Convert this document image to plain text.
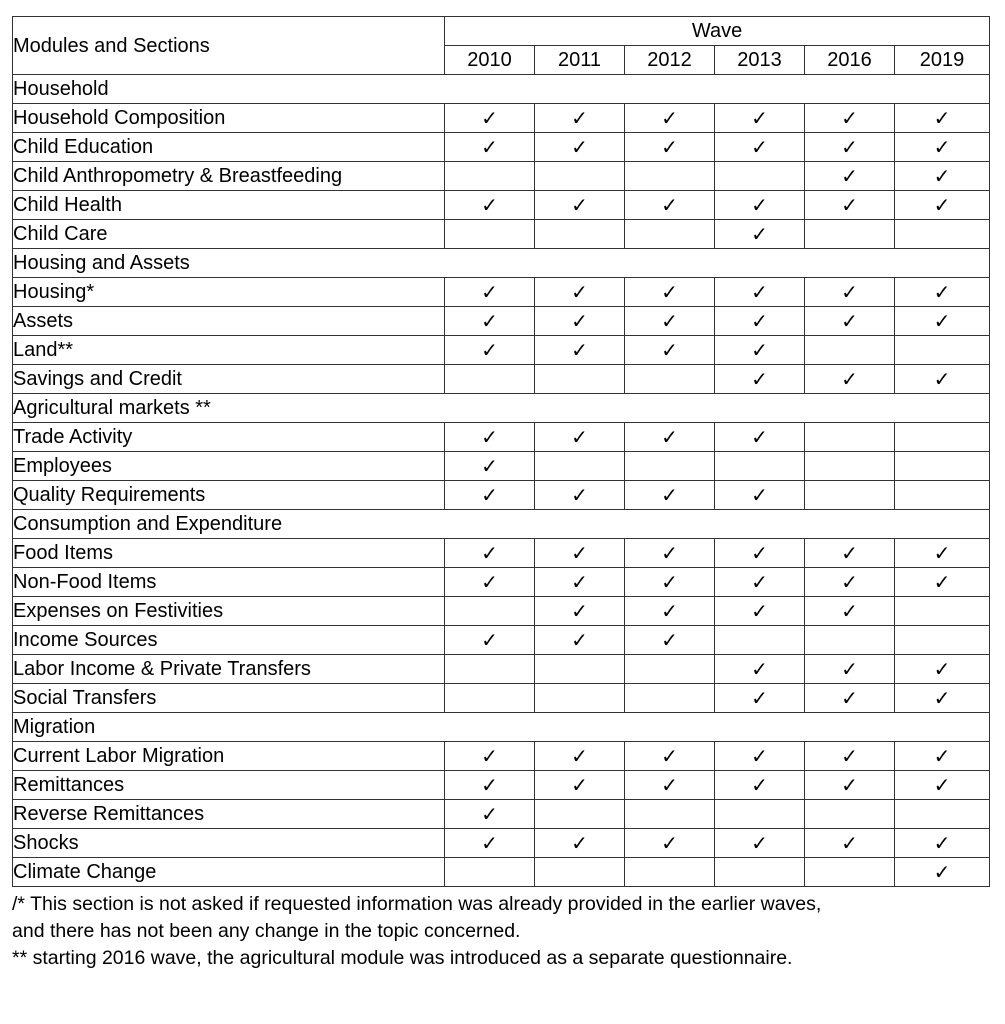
Modules and Sections	Wave					
	2010	2011	2012	2013	2016	2019
Household						
Household Composition	✓	✓	✓	✓	✓	✓
Child Education	✓	✓	✓	✓	✓	✓
Child Anthropometry & Breastfeeding					✓	✓
Child Health	✓	✓	✓	✓	✓	✓
Child Care				✓		
Housing and Assets						
Housing*	✓	✓	✓	✓	✓	✓
Assets	✓	✓	✓	✓	✓	✓
Land**	✓	✓	✓	✓		
Savings and Credit				✓	✓	✓
Agricultural markets **						
Trade Activity	✓	✓	✓	✓		
Employees	✓					
Quality Requirements	✓	✓	✓	✓		
Consumption and Expenditure						
Food Items	✓	✓	✓	✓	✓	✓
Non-Food Items	✓	✓	✓	✓	✓	✓
Expenses on Festivities		✓	✓	✓	✓	
Income Sources	✓	✓	✓			
Labor Income & Private Transfers				✓	✓	✓
Social Transfers				✓	✓	✓
Migration						
Current Labor Migration	✓	✓	✓	✓	✓	✓
Remittances	✓	✓	✓	✓	✓	✓
Reverse Remittances	✓					
Shocks	✓	✓	✓	✓	✓	✓
Climate Change						✓
/* This section is not asked if requested information was already provided in the earlier waves,
and there has not been any change in the topic concerned.
** starting 2016 wave, the agricultural module was introduced as a separate questionnaire.
